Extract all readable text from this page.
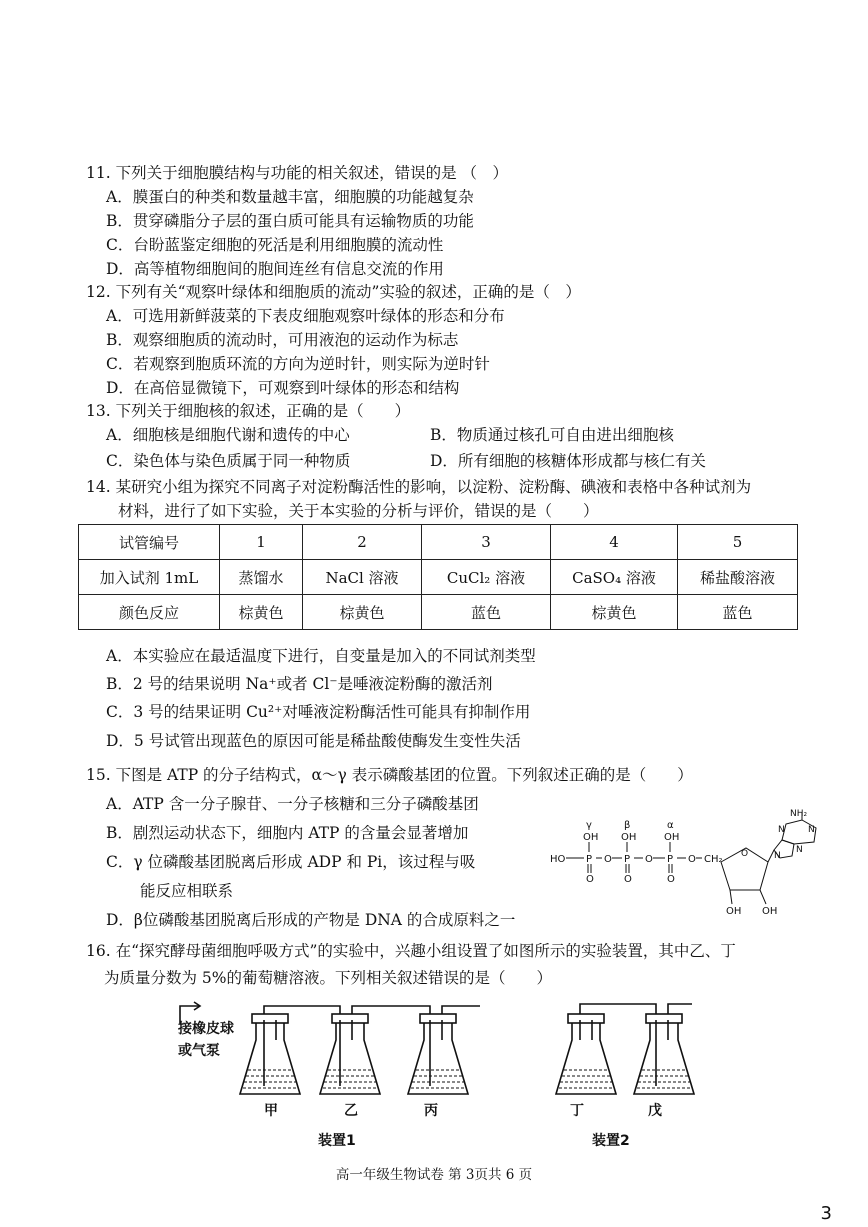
11. 下列关于细胞膜结构与功能的相关叙述，错误的是 （　）
A．膜蛋白的种类和数量越丰富，细胞膜的功能越复杂
B．贯穿磷脂分子层的蛋白质可能具有运输物质的功能
C．台盼蓝鉴定细胞的死活是利用细胞膜的流动性
D．高等植物细胞间的胞间连丝有信息交流的作用
12. 下列有关“观察叶绿体和细胞质的流动”实验的叙述，正确的是（　）
A．可选用新鲜菠菜的下表皮细胞观察叶绿体的形态和分布
B．观察细胞质的流动时，可用液泡的运动作为标志
C．若观察到胞质环流的方向为逆时针，则实际为逆时针
D．在高倍显微镜下，可观察到叶绿体的形态和结构
13. 下列关于细胞核的叙述，正确的是（　　）
A．细胞核是细胞代谢和遗传的中心	B．物质通过核孔可自由进出细胞核
C．染色体与染色质属于同一种物质	D．所有细胞的核糖体形成都与核仁有关
14. 某研究小组为探究不同离子对淀粉酶活性的影响，以淀粉、淀粉酶、碘液和表格中各种试剂为
材料，进行了如下实验，关于本实验的分析与评价，错误的是（　　）
试管编号	1	2	3	4	5
加入试剂 1mL	蒸馏水	NaCl 溶液	CuCl₂ 溶液	CaSO₄ 溶液	稀盐酸溶液
颜色反应	棕黄色	棕黄色	蓝色	棕黄色	蓝色
A．本实验应在最适温度下进行，自变量是加入的不同试剂类型
B．2 号的结果说明 Na⁺或者 Cl⁻是唾液淀粉酶的激活剂
C．3 号的结果证明 Cu²⁺对唾液淀粉酶活性可能具有抑制作用
D．5 号试管出现蓝色的原因可能是稀盐酸使酶发生变性失活
15. 下图是 ATP 的分子结构式，α～γ 表示磷酸基团的位置。下列叙述正确的是（　　）
A．ATP 含一分子腺苷、一分子核糖和三分子磷酸基团
B．剧烈运动状态下，细胞内 ATP 的含量会显著增加
C．γ 位磷酸基团脱离后形成 ADP 和 Pi，该过程与吸
能反应相联系
D．β位磷酸基团脱离后形成的产物是 DNA 的合成原料之一
γ	β	α
OH OH	OH
HO P O P O P O CH₂
O	O	O
OH OH
NH₂
N
N
N
N
O
16. 在“探究酵母菌细胞呼吸方式”的实验中，兴趣小组设置了如图所示的实验装置，其中乙、丁
为质量分数为 5%的葡萄糖溶液。下列相关叙述错误的是（　　）
接橡皮球
或气泵
甲	乙	丙	丁	戊
装置1	装置2
高一年级生物试卷 第 3页共 6 页
3
